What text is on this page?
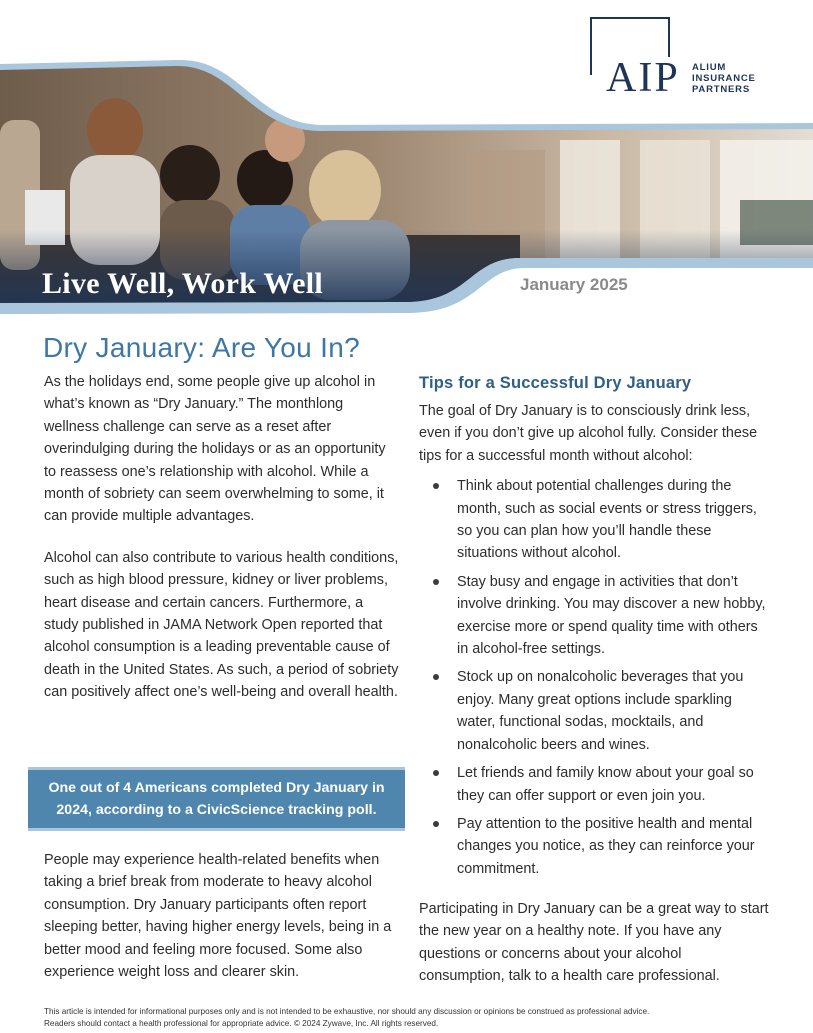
AIP	ALIUM
INSURANCE
PARTNERS
Live Well, Work Well	January 2025
Dry January: Are You In?

As the holidays end, some people give up alcohol in what’s known as “Dry January.” The monthlong wellness challenge can serve as a reset after overindulging during the holidays or as an opportunity to reassess one’s relationship with alcohol. While a month of sobriety can seem overwhelming to some, it can provide multiple advantages.

Alcohol can also contribute to various health conditions, such as high blood pressure, kidney or liver problems, heart disease and certain cancers. Furthermore, a study published in JAMA Network Open reported that alcohol consumption is a leading preventable cause of death in the United States. As such, a period of sobriety can positively affect one’s well-being and overall health.

One out of 4 Americans completed Dry January in 2024, according to a CivicScience tracking poll.

People may experience health-related benefits when taking a brief break from moderate to heavy alcohol consumption. Dry January participants often report sleeping better, having higher energy levels, being in a better mood and feeling more focused. Some also experience weight loss and clearer skin.

Tips for a Successful Dry January

The goal of Dry January is to consciously drink less, even if you don’t give up alcohol fully. Consider these tips for a successful month without alcohol:

Think about potential challenges during the month, such as social events or stress triggers, so you can plan how you’ll handle these situations without alcohol.

Stay busy and engage in activities that don’t involve drinking. You may discover a new hobby, exercise more or spend quality time with others in alcohol-free settings.

Stock up on nonalcoholic beverages that you enjoy. Many great options include sparkling water, functional sodas, mocktails, and nonalcoholic beers and wines.

Let friends and family know about your goal so they can offer support or even join you.

Pay attention to the positive health and mental changes you notice, as they can reinforce your commitment.

Participating in Dry January can be a great way to start the new year on a healthy note. If you have any questions or concerns about your alcohol consumption, talk to a health care professional.

This article is intended for informational purposes only and is not intended to be exhaustive, nor should any discussion or opinions be construed as professional advice.
Readers should contact a health professional for appropriate advice. © 2024 Zywave, Inc. All rights reserved.
